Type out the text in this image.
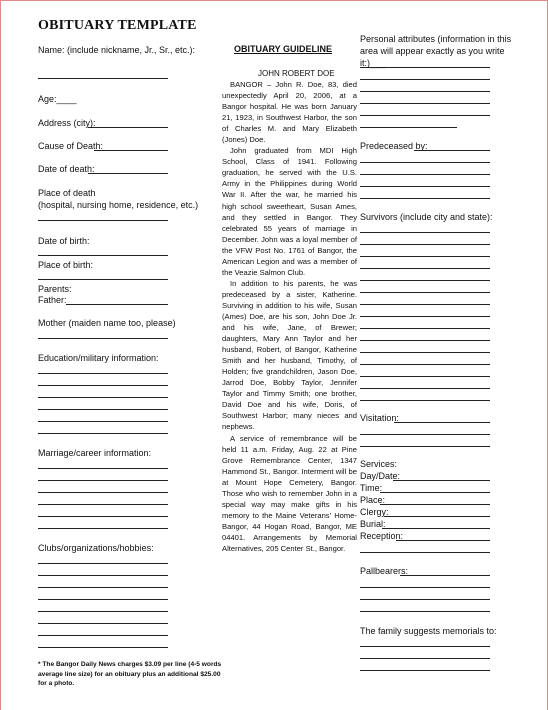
OBITUARY TEMPLATE
Name: (include nickname, Jr., Sr., etc.):
Age:____
Address (city):
Cause of Death:
Date of death:
Place of death
(hospital, nursing home, residence, etc.)
Date of birth:
Place of birth:
Parents:
Father:
Mother (maiden name too, please)
Education/military information:
Marriage/career information:
Clubs/organizations/hobbies:
* The Bangor Daily News charges $3.09 per line (4-5 words average line size) for an obituary plus an additional $25.00 for a photo.
OBITUARY GUIDELINE
JOHN ROBERT DOE

BANGOR – John R. Doe, 83, died unexpectedly April 20, 2006, at a Bangor hospital. He was born January 21, 1923, in Southwest Harbor, the son of Charles M. and Mary Elizabeth (Jones) Doe.

John graduated from MDI High School, Class of 1941. Following graduation, he served with the U.S. Army in the Philippines during World War II. After the war, he married his high school sweetheart, Susan Ames, and they settled in Bangor. They celebrated 55 years of marriage in December. John was a loyal member of the VFW Post No. 1761 of Bangor, the American Legion and was a member of the Veazie Salmon Club.

In addition to his parents, he was predeceased by a sister, Katherine. Surviving in addition to his wife, Susan (Ames) Doe, are his son, John Doe Jr. and his wife, Jane, of Brewer; daughters, Mary Ann Taylor and her husband, Robert, of Bangor, Katherine Smith and her husband, Timothy, of Holden; five grandchildren, Jason Doe, Jarrod Doe, Bobby Taylor, Jennifer Taylor and Timmy Smith; one brother, David Doe and his wife, Doris, of Southwest Harbor; many nieces and nephews.

A service of remembrance will be held 11 a.m. Friday, Aug. 22 at Pine Grove Remembrance Center, 1347 Hammond St., Bangor. Interment will be at Mount Hope Cemetery, Bangor. Those who wish to remember John in a special way may make gifts in his memory to the Maine Veterans' Home-Bangor, 44 Hogan Road, Bangor, ME 04401. Arrangements by Memorial Alternatives, 205 Center St., Bangor.

Personal attributes (information in this area will appear exactly as you write it:)___
Predeceased by:
Survivors (include city and state):
Visitation:
Services:
Day/Date:
Time:
Place:
Clergy:
Burial:
Reception:
Pallbearers:
The family suggests memorials to:
